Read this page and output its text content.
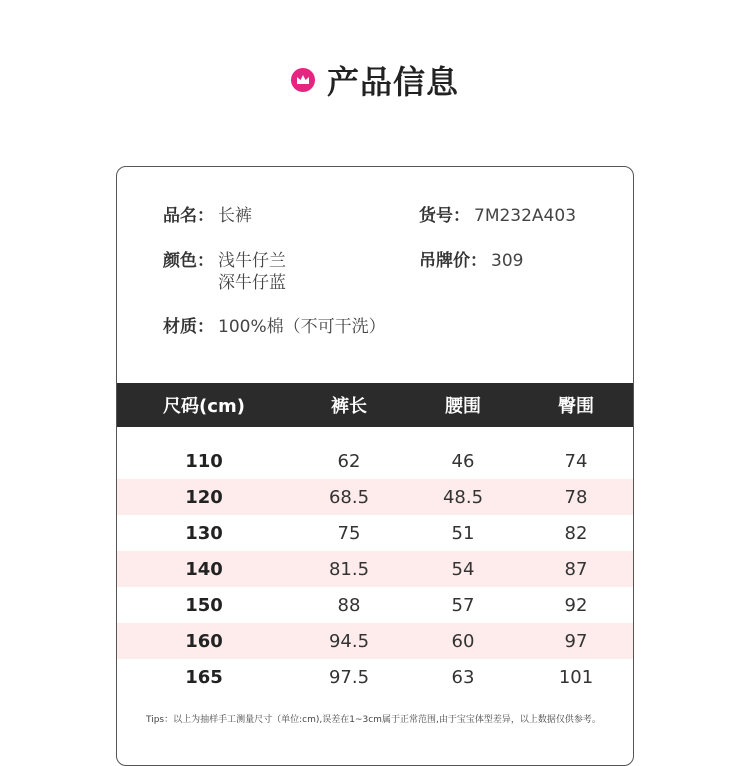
产品信息
品名： 长裤	货号： 7M232A403
颜色： 浅牛仔兰
深牛仔蓝
吊牌价： 309
材质： 100%棉（不可干洗）
尺码(cm)	裤长	腰围	臀围
110	62	46	74
120	68.5	48.5	78
130	75	51	82
140	81.5	54	87
150	88	57	92
160	94.5	60	97
165	97.5	63	101
Tips：以上为抽样手工测量尺寸（单位:cm),误差在1~3cm属于正常范围,由于宝宝体型差异，以上数据仅供参考。
